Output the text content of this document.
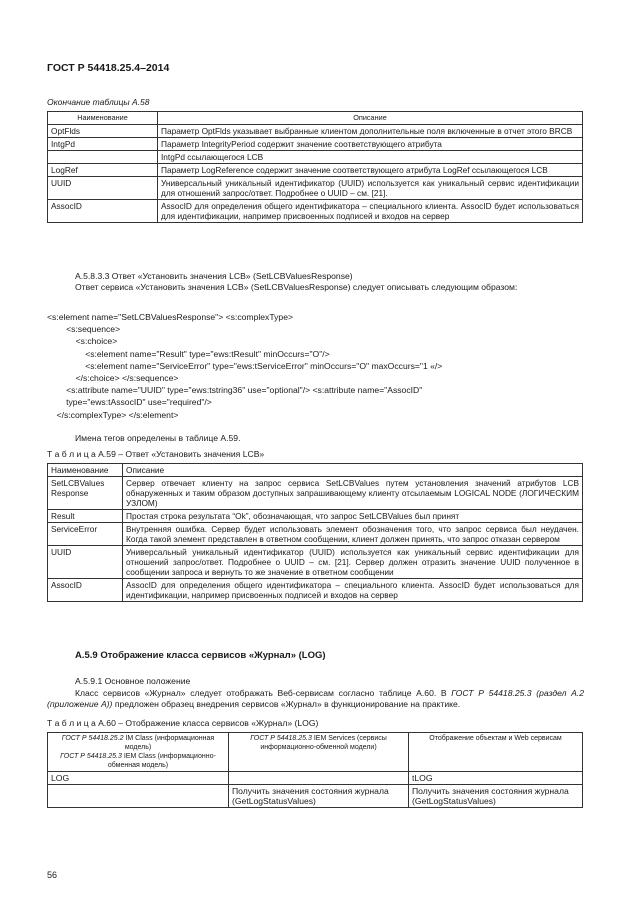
ГОСТ Р 54418.25.4–2014
Окончание таблицы А.58
Наименование	Описание
OptFlds	Параметр OptFlds указывает выбранные клиентом дополнительные поля включенные в отчет этого BRCB
IntgPd	Параметр IntegrityPeriod содержит значение соответствующего атрибута
	IntgPd ссылающегося LCB
LogRef	Параметр LogReference содержит значение соответствующего атрибута LogRef ссылающегося LCB
UUID	Универсальный уникальный идентификатор (UUID) используется как уникальный сервис идентификации для отношений запрос/ответ. Подробнее о UUID – см. [21].
AssocID	AssocID для определения общего идентификатора – специального клиента. AssocID будет использоваться для идентификации, например присвоенных подписей и входов на сервер
А.5.8.3.3 Ответ «Установить значения LCB» (SetLCBValuesResponse)
Ответ сервиса «Установить значения LCB» (SetLCBValuesResponse) следует описывать следующим образом:
<s:element name="SetLCBValuesResponse"> <s:complexType>
<s:sequence>
<s:choice>
<s:element name="Result" type="ews:tResult" minOccurs="O"/>
<s:element name="ServiceError" type="ews:tServiceError" minOccurs="O" maxOccurs="1 «/>
</s:choice> </s:sequence>
<s:attribute name="UUID" type="ews:tstring36" use="optional"/> <s:attribute name="AssocID"
type="ews:tAssocID" use="required"/>
</s:complexType> </s:element>
Имена тегов определены в таблице А.59.
Т а б л и ц а А.59 – Ответ «Установить значения LCB»
Наименование	Описание
SetLCBValues Response	Сервер отвечает клиенту на запрос сервиса SetLCBValues путем установления значений атрибутов LCB обнаруженных и таким образом доступных запрашивающему клиенту отсылаемым LOGICAL NODE (ЛОГИЧЕСКИМ УЗЛОМ)
Result	Простая строка результата “Ok”, обозначающая, что запрос SetLCBValues был принят
ServiceError	Внутренняя ошибка. Сервер будет использовать элемент обозначения того, что запрос сервиса был неудачен. Когда такой элемент представлен в ответном сообщении, клиент должен принять, что запрос отказан сервером
UUID	Универсальный уникальный идентификатор (UUID) используется как уникальный сервис идентификации для отношений запрос/ответ. Подробнее о UUID – см. [21]. Сервер должен отразить значение UUID полученное в сообщении запроса и вернуть то же значение в ответном сообщении
AssocID	AssocID для определения общего идентификатора – специального клиента. AssocID будет использоваться для идентификации, например присвоенных подписей и входов на сервер
А.5.9 Отображение класса сервисов «Журнал» (LOG)
А.5.9.1 Основное положение
Класс сервисов «Журнал» следует отображать Веб-сервисам согласно таблице А.60. В ГОСТ Р 54418.25.3 (раздел А.2 (приложение А)) предложен образец внедрения сервисов «Журнал» в функционирование на практике.
Т а б л и ц а А.60 – Отображение класса сервисов «Журнал» (LOG)
ГОСТ Р 54418.25.2 IM Class (информационная модель)
ГОСТ Р 54418.25.3 IEM Class (информационно-обменная модель)	ГОСТ Р 54418.25.3 IEM Services (сервисы информационно-обменной модели)	Отображение объектам и Web сервисам
LOG		tLOG
	Получить значения состояния журнала (GetLogStatusValues)	Получить значения состояния журнала (GetLogStatusValues)
56
